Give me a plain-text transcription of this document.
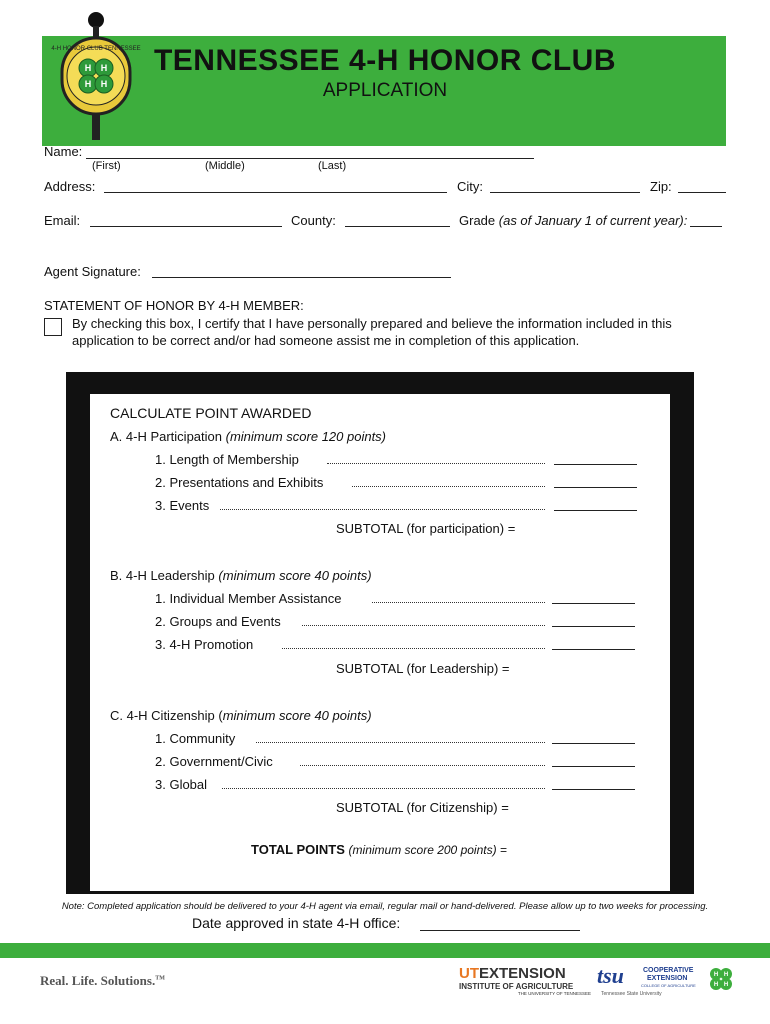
H H
H H
4-H HONOR CLUB TENNESSEE TENNESSEE 4-H HONOR CLUB
APPLICATION
Name:
(First)	(Middle)	(Last)
Address:	City:	Zip:
Email:	County:	Grade (as of January 1 of current year):
Agent Signature:
STATEMENT OF HONOR BY 4-H MEMBER:
By checking this box, I certify that I have personally prepared and believe the information included in this
application to be correct and/or had someone assist me in completion of this application.
CALCULATE POINT AWARDED
A. 4-H Participation (minimum score 120 points)
1. Length of Membership
2. Presentations and Exhibits
3. Events
SUBTOTAL (for participation) =
B. 4-H Leadership (minimum score 40 points)
1. Individual Member Assistance
2. Groups and Events
3. 4-H Promotion
SUBTOTAL (for Leadership) =
C. 4-H Citizenship (minimum score 40 points)
1. Community
2. Government/Civic
3. Global
SUBTOTAL (for Citizenship) =
TOTAL POINTS (minimum score 200 points) =
Note: Completed application should be delivered to your 4-H agent via email, regular mail or hand-delivered. Please allow up to two weeks for processing.
Date approved in state 4-H office:
Real. Life. Solutions.™	UTEXTENSION
INSTITUTE OF AGRICULTURE
THE UNIVERSITY OF TENNESSEE
tsu	COOPERATIVE
EXTENSION
COLLEGE OF AGRICULTURE
Tennessee State University
H H
H H
